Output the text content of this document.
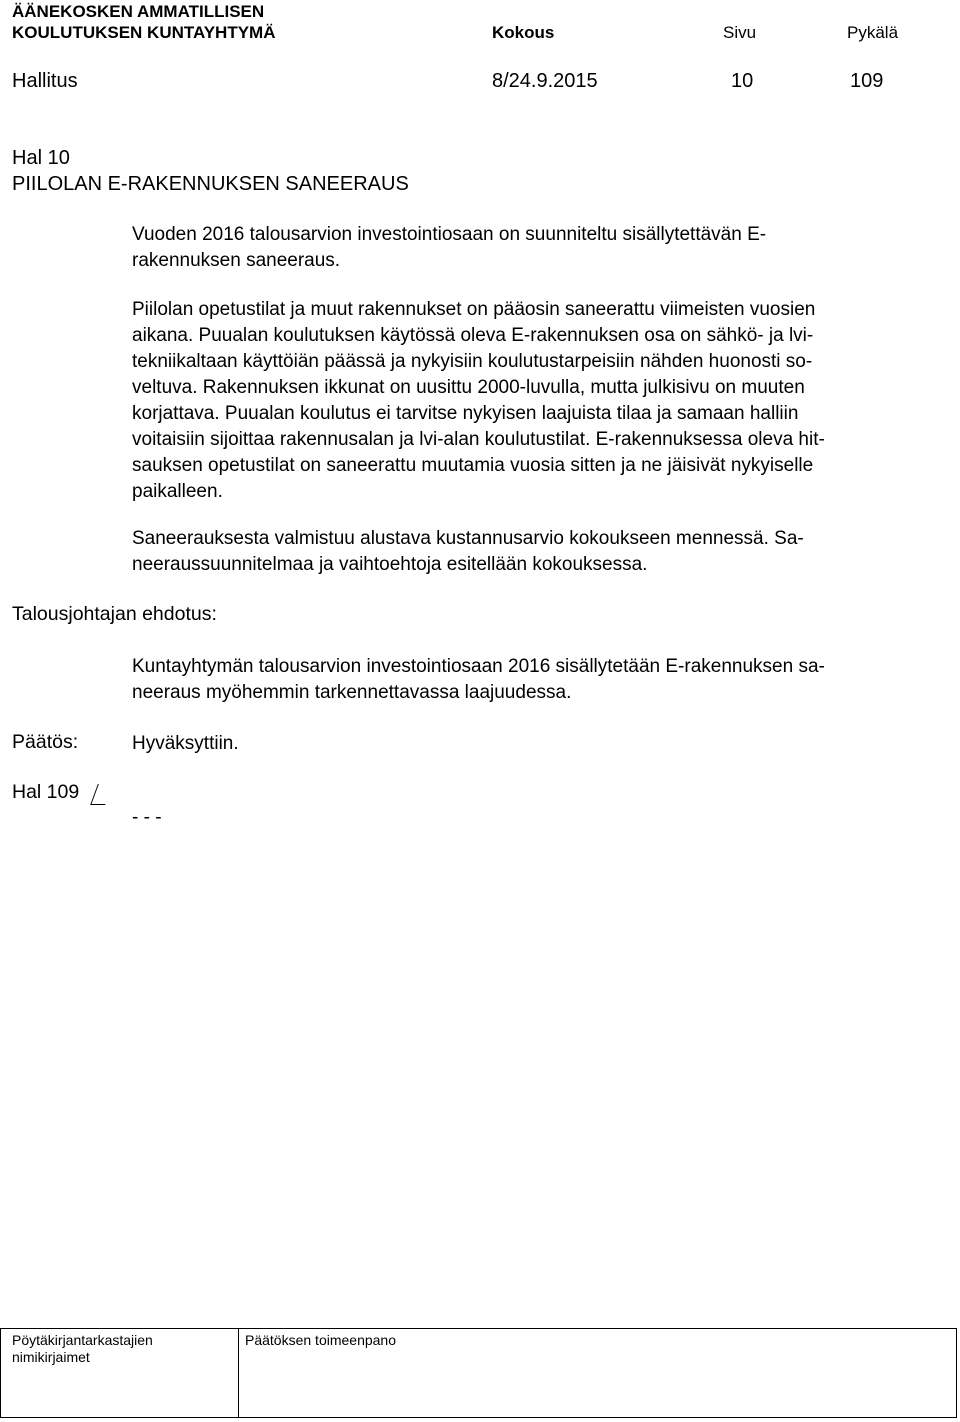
ÄÄNEKOSKEN AMMATILLISEN
KOULUTUKSEN KUNTAYHTYMÄ	Kokous	Sivu	Pykälä
Hallitus	8/24.9.2015	10	109
Hal 10
PIILOLAN E-RAKENNUKSEN SANEERAUS
Vuoden 2016 talousarvion investointiosaan on suunniteltu sisällytettävän E-
rakennuksen saneeraus.
Piilolan opetustilat ja muut rakennukset on pääosin saneerattu viimeisten vuosien
aikana. Puualan koulutuksen käytössä oleva E-rakennuksen osa on sähkö- ja lvi-
tekniikaltaan käyttöiän päässä ja nykyisiin koulutustarpeisiin nähden huonosti so-
veltuva. Rakennuksen ikkunat on uusittu 2000-luvulla, mutta julkisivu on muuten
korjattava. Puualan koulutus ei tarvitse nykyisen laajuista tilaa ja samaan halliin
voitaisiin sijoittaa rakennusalan ja lvi-alan koulutustilat. E-rakennuksessa oleva hit-
sauksen opetustilat on saneerattu muutamia vuosia sitten ja ne jäisivät nykyiselle
paikalleen.
Saneerauksesta valmistuu alustava kustannusarvio kokoukseen mennessä. Sa-
neeraussuunnitelmaa ja vaihtoehtoja esitellään kokouksessa.
Talousjohtajan ehdotus:
Kuntayhtymän talousarvion investointiosaan 2016 sisällytetään E-rakennuksen sa-
neeraus myöhemmin tarkennettavassa laajuudessa.
Päätös:	Hyväksyttiin.
Hal 109
- - -
Pöytäkirjantarkastajien
nimikirjaimet
Päätöksen toimeenpano
